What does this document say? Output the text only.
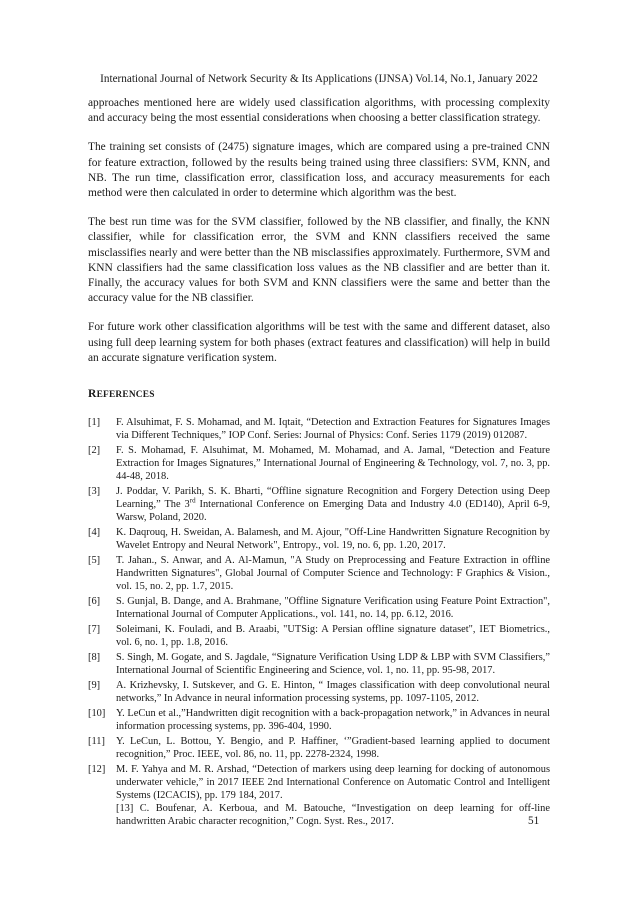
International Journal of Network Security & Its Applications (IJNSA) Vol.14, No.1, January 2022

approaches mentioned here are widely used classification algorithms, with processing complexity and accuracy being the most essential considerations when choosing a better classification strategy.

The training set consists of (2475) signature images, which are compared using a pre-trained CNN for feature extraction, followed by the results being trained using three classifiers: SVM, KNN, and NB. The run time, classification error, classification loss, and accuracy measurements for each method were then calculated in order to determine which algorithm was the best.

The best run time was for the SVM classifier, followed by the NB classifier, and finally, the KNN classifier, while for classification error, the SVM and KNN classifiers received the same misclassifies nearly and were better than the NB misclassifies approximately. Furthermore, SVM and KNN classifiers had the same classification loss values as the NB classifier and are better than it. Finally, the accuracy values for both SVM and KNN classifiers were the same and better than the accuracy value for the NB classifier.

For future work other classification algorithms will be test with the same and different dataset, also using full deep learning system for both phases (extract features and classification) will help in build an accurate signature verification system.

REFERENCES
[1] F. Alsuhimat, F. S. Mohamad, and M. Iqtait, “Detection and Extraction Features for Signatures Images via Different Techniques,” IOP Conf. Series: Journal of Physics: Conf. Series 1179 (2019) 012087.
[2] F. S. Mohamad, F. Alsuhimat, M. Mohamed, M. Mohamad, and A. Jamal, “Detection and Feature Extraction for Images Signatures,” International Journal of Engineering & Technology, vol. 7, no. 3, pp. 44-48, 2018.
[3] J. Poddar, V. Parikh, S. K. Bharti, “Offline signature Recognition and Forgery Detection using Deep Learning,” The 3rd International Conference on Emerging Data and Industry 4.0 (ED140), April 6-9, Warsw, Poland, 2020.
[4] K. Daqrouq, H. Sweidan, A. Balamesh, and M. Ajour, "Off-Line Handwritten Signature Recognition by Wavelet Entropy and Neural Network", Entropy., vol. 19, no. 6, pp. 1.20, 2017.
[5] T. Jahan., S. Anwar, and A. Al-Mamun, "A Study on Preprocessing and Feature Extraction in offline Handwritten Signatures", Global Journal of Computer Science and Technology: F Graphics & Vision., vol. 15, no. 2, pp. 1.7, 2015.
[6] S. Gunjal, B. Dange, and A. Brahmane, "Offline Signature Verification using Feature Point Extraction", International Journal of Computer Applications., vol. 141, no. 14, pp. 6.12, 2016.
[7] Soleimani, K. Fouladi, and B. Araabi, "UTSig: A Persian offline signature dataset", IET Biometrics., vol. 6, no. 1, pp. 1.8, 2016.
[8] S. Singh, M. Gogate, and S. Jagdale, “Signature Verification Using LDP & LBP with SVM Classifiers,” International Journal of Scientific Engineering and Science, vol. 1, no. 11, pp. 95-98, 2017.
[9] A. Krizhevsky, I. Sutskever, and G. E. Hinton, “ Images classification with deep convolutional neural networks,” In Advance in neural information processing systems, pp. 1097-1105, 2012.
[10] Y. LeCun et al.,”Handwritten digit recognition with a back-propagation network,” in Advances in neural information processing systems, pp. 396-404, 1990.
[11] Y. LeCun, L. Bottou, Y. Bengio, and P. Haffiner, ‘”Gradient-based learning applied to document recognition,” Proc. IEEE, vol. 86, no. 11, pp. 2278-2324, 1998.
[12] M. F. Yahya and M. R. Arshad, “Detection of markers using deep learning for docking of autonomous underwater vehicle,” in 2017 IEEE 2nd International Conference on Automatic Control and Intelligent Systems (I2CACIS), pp. 179 184, 2017.
[13] C. Boufenar, A. Kerboua, and M. Batouche, “Investigation on deep learning for off-line handwritten Arabic character recognition,” Cogn. Syst. Res., 2017.	51
